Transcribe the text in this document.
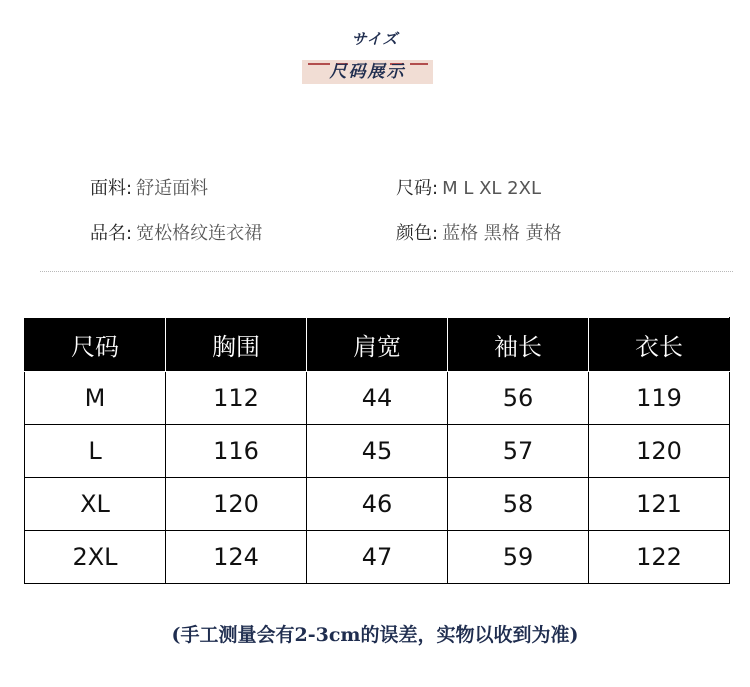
サイズ
尺码展示
面料: 舒适面料	尺码: M L XL 2XL
品名: 宽松格纹连衣裙	颜色: 蓝格 黑格 黄格
尺码	胸围	肩宽	袖长	衣长
M	112	44	56	119
L	116	45	57	120
XL	120	46	58	121
2XL	124	47	59	122
(手工测量会有2-3cm的误差，实物以收到为准)
